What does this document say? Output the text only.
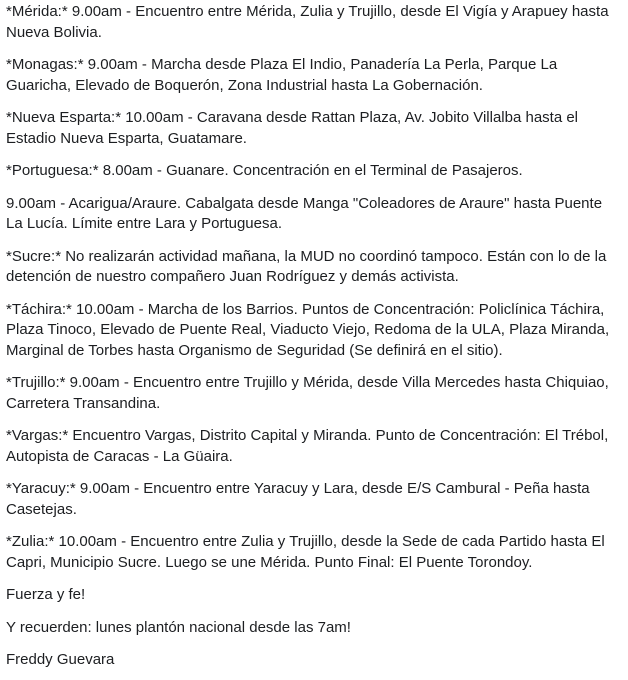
*Mérida:* 9.00am - Encuentro entre Mérida, Zulia y Trujillo, desde El Vigía y Arapuey hasta Nueva Bolivia.

*Monagas:* 9.00am - Marcha desde Plaza El Indio, Panadería La Perla, Parque La Guaricha, Elevado de Boquerón, Zona Industrial hasta La Gobernación.

*Nueva Esparta:* 10.00am - Caravana desde Rattan Plaza, Av. Jobito Villalba hasta el Estadio Nueva Esparta, Guatamare.

*Portuguesa:* 8.00am - Guanare. Concentración en el Terminal de Pasajeros.

9.00am - Acarigua/Araure. Cabalgata desde Manga "Coleadores de Araure" hasta Puente La Lucía. Límite entre Lara y Portuguesa.

*Sucre:* No realizarán actividad mañana, la MUD no coordinó tampoco. Están con lo de la detención de nuestro compañero Juan Rodríguez y demás activista.

*Táchira:* 10.00am - Marcha de los Barrios. Puntos de Concentración: Policlínica Táchira, Plaza Tinoco, Elevado de Puente Real, Viaducto Viejo, Redoma de la ULA, Plaza Miranda, Marginal de Torbes hasta Organismo de Seguridad (Se definirá en el sitio).

*Trujillo:* 9.00am - Encuentro entre Trujillo y Mérida, desde Villa Mercedes hasta Chiquiao, Carretera Transandina.

*Vargas:* Encuentro Vargas, Distrito Capital y Miranda. Punto de Concentración: El Trébol, Autopista de Caracas - La Güaira.

*Yaracuy:* 9.00am - Encuentro entre Yaracuy y Lara, desde E/S Cambural - Peña hasta Casetejas.

*Zulia:* 10.00am - Encuentro entre Zulia y Trujillo, desde la Sede de cada Partido hasta El Capri, Municipio Sucre. Luego se une Mérida. Punto Final: El Puente Torondoy.

Fuerza y fe!

Y recuerden: lunes plantón nacional desde las 7am!

Freddy Guevara
